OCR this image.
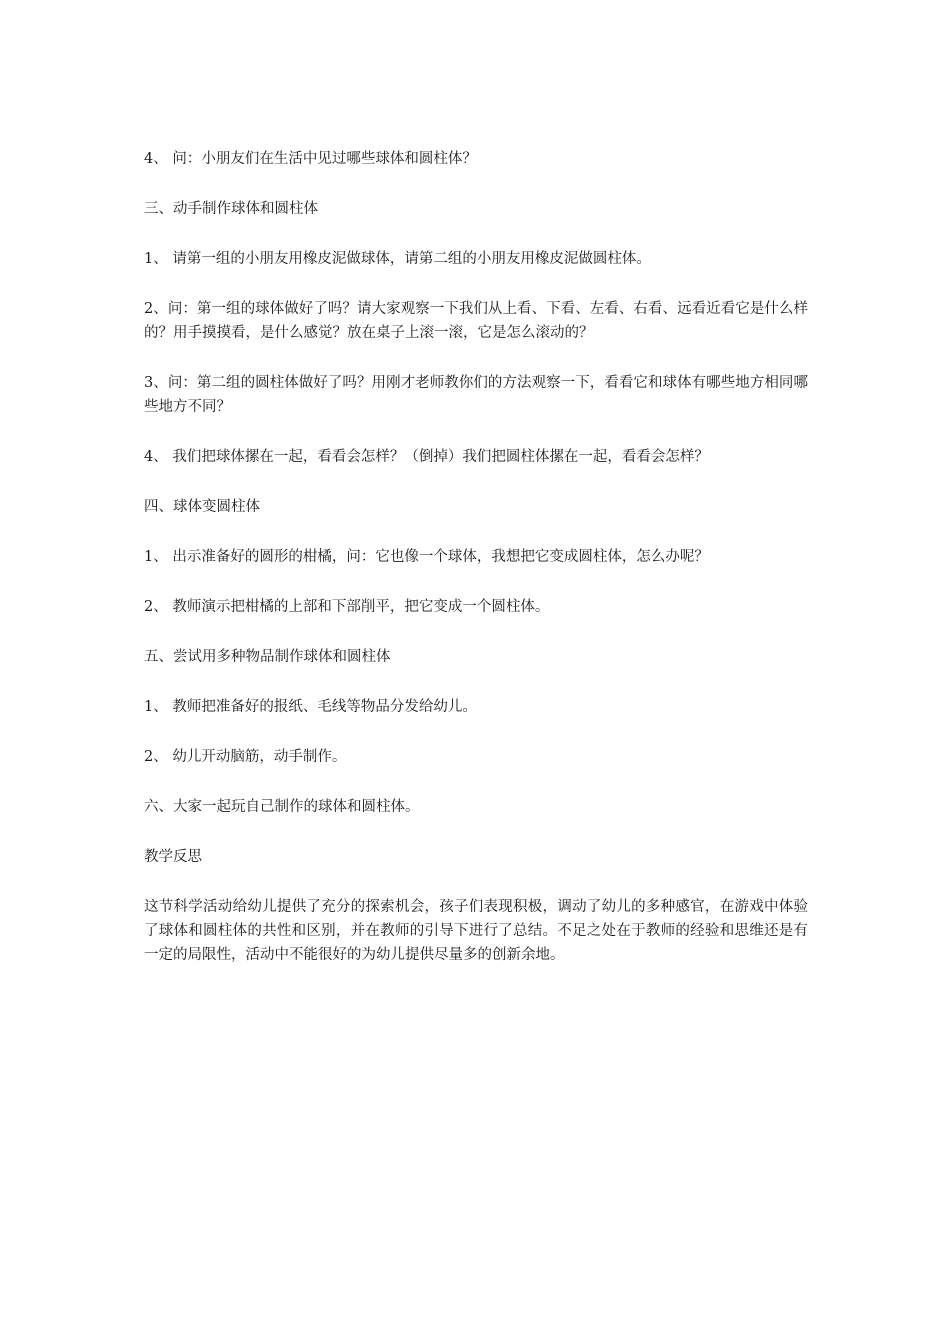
4、 问：小朋友们在生活中见过哪些球体和圆柱体？

三、动手制作球体和圆柱体

1、 请第一组的小朋友用橡皮泥做球体，请第二组的小朋友用橡皮泥做圆柱体。

2、问：第一组的球体做好了吗？请大家观察一下我们从上看、下看、左看、右看、远看近看它是什么样的？用手摸摸看，是什么感觉？放在桌子上滚一滚，它是怎么滚动的？

3、问：第二组的圆柱体做好了吗？用刚才老师教你们的方法观察一下，看看它和球体有哪些地方相同哪些地方不同？

4、 我们把球体摞在一起，看看会怎样？（倒掉）我们把圆柱体摞在一起，看看会怎样？

四、球体变圆柱体

1、 出示准备好的圆形的柑橘，问：它也像一个球体，我想把它变成圆柱体，怎么办呢？

2、 教师演示把柑橘的上部和下部削平，把它变成一个圆柱体。

五、尝试用多种物品制作球体和圆柱体

1、 教师把准备好的报纸、毛线等物品分发给幼儿。

2、 幼儿开动脑筋，动手制作。

六、大家一起玩自己制作的球体和圆柱体。

教学反思

这节科学活动给幼儿提供了充分的探索机会，孩子们表现积极，调动了幼儿的多种感官，在游戏中体验了球体和圆柱体的共性和区别，并在教师的引导下进行了总结。不足之处在于教师的经验和思维还是有一定的局限性，活动中不能很好的为幼儿提供尽量多的创新余地。
